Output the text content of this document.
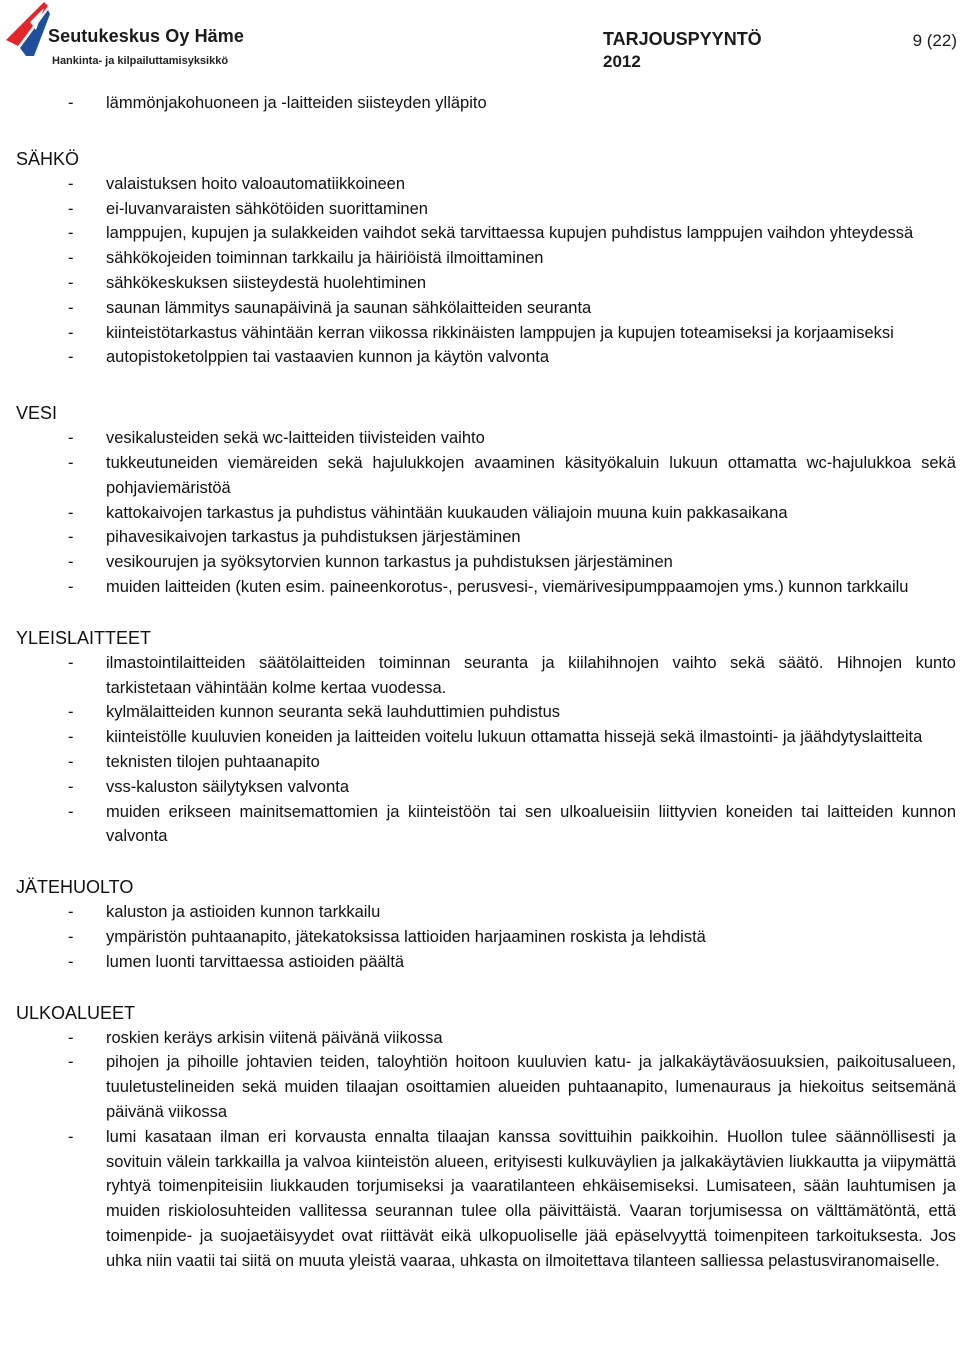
Seutukeskus Oy Häme
Hankinta- ja kilpailuttamisyksikkö
TARJOUSPYYNTÖ
2012
9 (22)
- lämmönjakohuoneen ja -laitteiden siisteyden ylläpito
SÄHKÖ
- valaistuksen hoito valoautomatiikkoineen
- ei-luvanvaraisten sähkötöiden suorittaminen
- lamppujen, kupujen ja sulakkeiden vaihdot sekä tarvittaessa kupujen puhdistus lamppujen vaihdon yhteydessä
- sähkökojeiden toiminnan tarkkailu ja häiriöistä ilmoittaminen
- sähkökeskuksen siisteydestä huolehtiminen
- saunan lämmitys saunapäivinä ja saunan sähkölaitteiden seuranta
- kiinteistötarkastus vähintään kerran viikossa rikkinäisten lamppujen ja kupujen toteamiseksi ja korjaamiseksi
- autopistoketolppien tai vastaavien kunnon ja käytön valvonta
VESI
- vesikalusteiden sekä wc-laitteiden tiivisteiden vaihto
- tukkeutuneiden viemäreiden sekä hajulukkojen avaaminen käsityökaluin lukuun ottamatta wc-hajulukkoa sekä pohjaviemäristöä
- kattokaivojen tarkastus ja puhdistus vähintään kuukauden väliajoin muuna kuin pakkasaikana
- pihavesikaivojen tarkastus ja puhdistuksen järjestäminen
- vesikourujen ja syöksytorvien kunnon tarkastus ja puhdistuksen järjestäminen
- muiden laitteiden (kuten esim. paineenkorotus-, perusvesi-, viemärivesipumppaamojen yms.) kunnon tarkkailu
YLEISLAITTEET
- ilmastointilaitteiden säätölaitteiden toiminnan seuranta ja kiilahihnojen vaihto sekä säätö. Hihnojen kunto tarkistetaan vähintään kolme kertaa vuodessa.
- kylmälaitteiden kunnon seuranta sekä lauhduttimien puhdistus
- kiinteistölle kuuluvien koneiden ja laitteiden voitelu lukuun ottamatta hissejä sekä ilmastointi- ja jäähdytyslaitteita
- teknisten tilojen puhtaanapito
- vss-kaluston säilytyksen valvonta
- muiden erikseen mainitsemattomien ja kiinteistöön tai sen ulkoalueisiin liittyvien koneiden tai laitteiden kunnon valvonta
JÄTEHUOLTO
- kaluston ja astioiden kunnon tarkkailu
- ympäristön puhtaanapito, jätekatoksissa lattioiden harjaaminen roskista ja lehdistä
- lumen luonti tarvittaessa astioiden päältä
ULKOALUEET
- roskien keräys arkisin viitenä päivänä viikossa
- pihojen ja pihoille johtavien teiden, taloyhtiön hoitoon kuuluvien katu- ja jalkakäytäväosuuksien, paikoitusalueen, tuuletustelineiden sekä muiden tilaajan osoittamien alueiden puhtaanapito, lumenauraus ja hiekoitus seitsemänä päivänä viikossa
- lumi kasataan ilman eri korvausta ennalta tilaajan kanssa sovittuihin paikkoihin. Huollon tulee säännöllisesti ja sovituin välein tarkkailla ja valvoa kiinteistön alueen, erityisesti kulkuväylien ja jalkakäytävien liukkautta ja viipymättä ryhtyä toimenpiteisiin liukkauden torjumiseksi ja vaaratilanteen ehkäisemiseksi. Lumisateen, sään lauhtumisen ja muiden riskiolosuhteiden vallitessa seurannan tulee olla päivittäistä. Vaaran torjumisessa on välttämätöntä, että toimenpide- ja suojaetäisyydet ovat riittävät eikä ulkopuoliselle jää epäselvyyttä toimenpiteen tarkoituksesta. Jos uhka niin vaatii tai siitä on muuta yleistä vaaraa, uhkasta on ilmoitettava tilanteen salliessa pelastusviranomaiselle.
